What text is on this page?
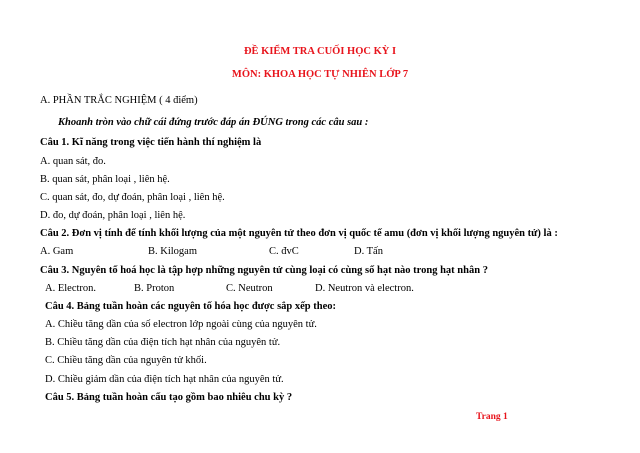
ĐỀ KIỂM TRA CUỐI HỌC KỲ I
MÔN: KHOA HỌC TỰ NHIÊN LỚP 7
A. PHẦN TRẮC NGHIỆM ( 4 điểm)
Khoanh tròn vào chữ cái đứng trước đáp án ĐÚNG trong các câu sau :
Câu 1. Kĩ năng trong việc tiến hành thí nghiệm là
A. quan sát, đo.
B. quan sát, phân loại , liên hệ.
C. quan sát, đo, dự đoán, phân loại , liên hệ.
D. đo, dự đoán, phân loại , liên hệ.
Câu 2. Đơn vị tính để tính khối lượng của một nguyên tử theo đơn vị quốc tế amu (đơn vị khối lượng nguyên tử) là :
A. Gam	B. Kilogam	C. đvC	D. Tấn
Câu 3. Nguyên tố hoá học là tập hợp những nguyên tử cùng loại có cùng số hạt nào trong hạt nhân ?
A. Electron.	B. Proton	C. Neutron	D. Neutron và electron.
Câu 4. Bảng tuần hoàn các nguyên tố hóa học được sắp xếp theo:
A. Chiều tăng dần của số electron lớp ngoài cùng của nguyên tử.
B. Chiều tăng dần của điện tích hạt nhân của nguyên tử.
C. Chiều tăng dần của nguyên tử khối.
D. Chiều giảm dần của điện tích hạt nhân của nguyên tử.
Câu 5. Bảng tuần hoàn cấu tạo gồm bao nhiêu chu kỳ ?
Trang 1
